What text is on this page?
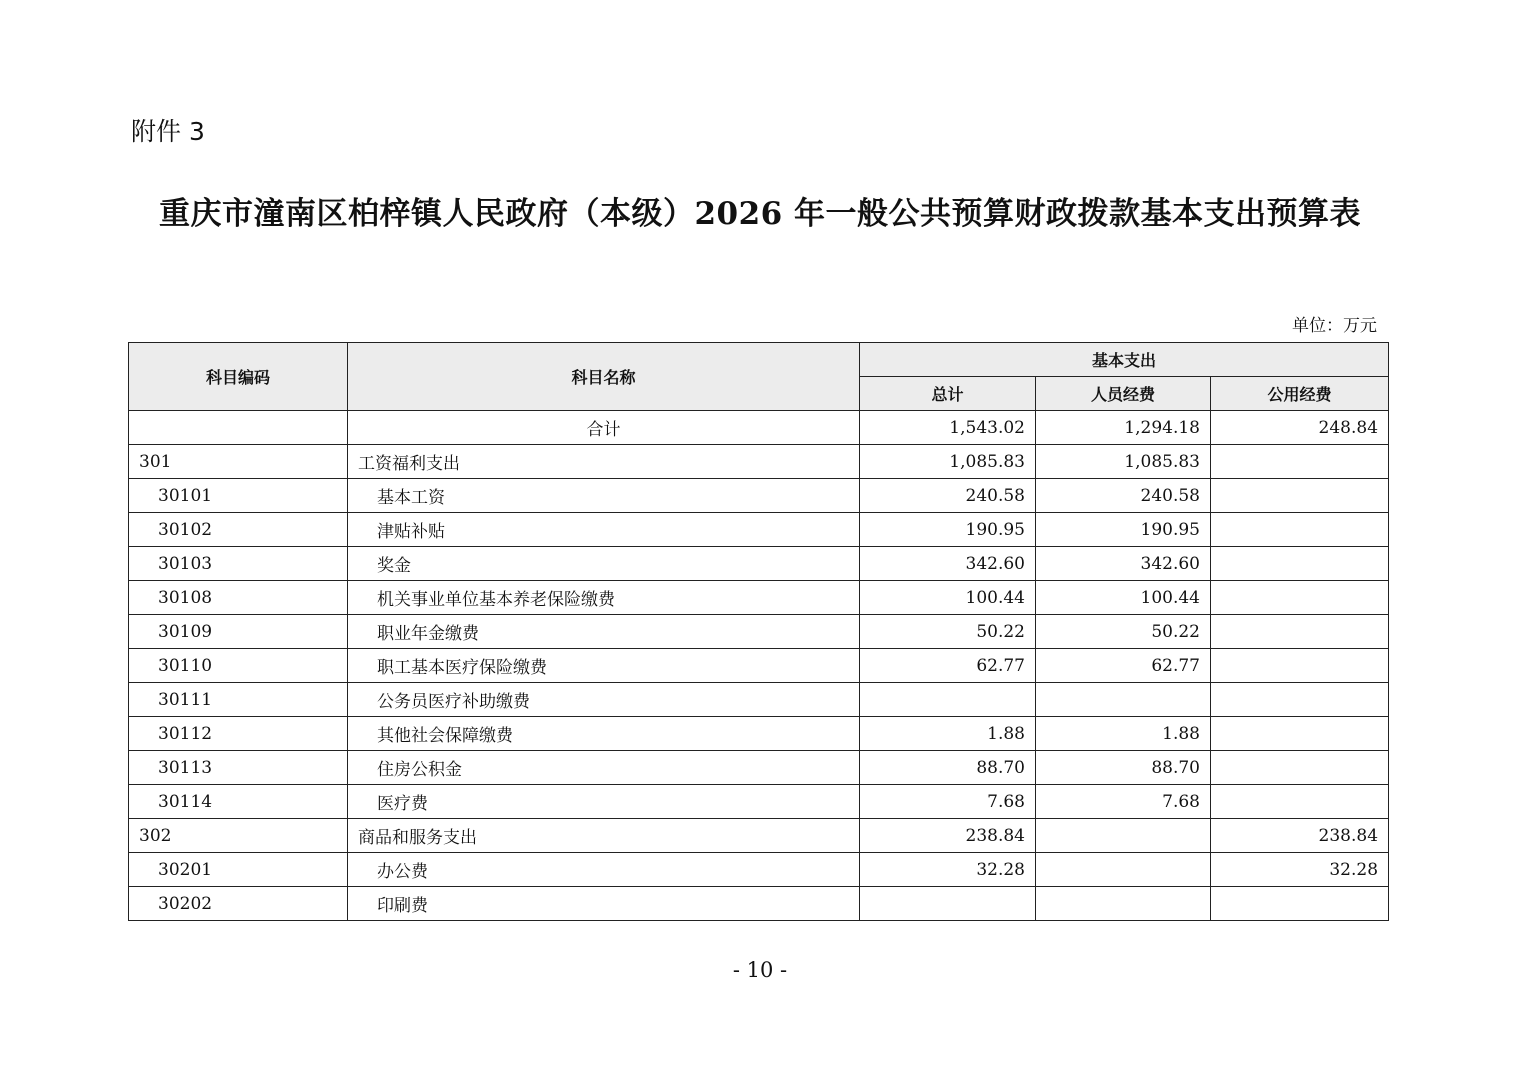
附件 3
重庆市潼南区柏梓镇人民政府（本级）2026 年一般公共预算财政拨款基本支出预算表
单位：万元
科目编码	科目名称	基本支出		
		总计	人员经费	公用经费
	合计	1,543.02	1,294.18	248.84
301	工资福利支出	1,085.83	1,085.83	
30101	基本工资	240.58	240.58	
30102	津贴补贴	190.95	190.95	
30103	奖金	342.60	342.60	
30108	机关事业单位基本养老保险缴费	100.44	100.44	
30109	职业年金缴费	50.22	50.22	
30110	职工基本医疗保险缴费	62.77	62.77	
30111	公务员医疗补助缴费			
30112	其他社会保障缴费	1.88	1.88	
30113	住房公积金	88.70	88.70	
30114	医疗费	7.68	7.68	
302	商品和服务支出	238.84		238.84
30201	办公费	32.28		32.28
30202	印刷费			
- 10 -
